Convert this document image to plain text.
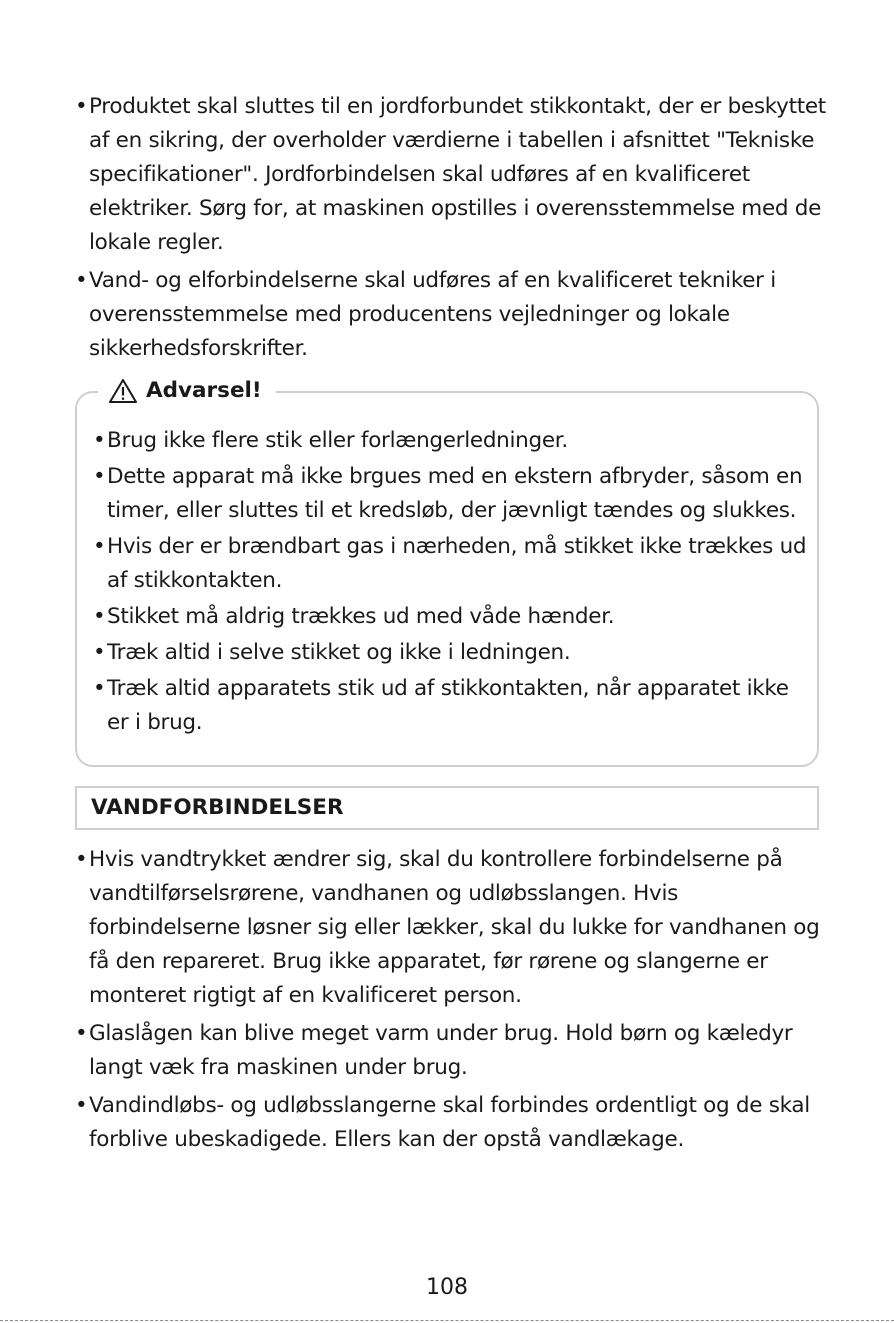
• Produktet skal sluttes til en jordforbundet stikkontakt, der er beskyttet af en sikring, der overholder værdierne i tabellen i afsnittet "Tekniske specifikationer". Jordforbindelsen skal udføres af en kvalificeret elektriker. Sørg for, at maskinen opstilles i overensstemmelse med de lokale regler.
• Vand- og elforbindelserne skal udføres af en kvalificeret tekniker i overensstemmelse med producentens vejledninger og lokale sikkerhedsforskrifter.
Advarsel!
• Brug ikke flere stik eller forlængerledninger.
• Dette apparat må ikke brgues med en ekstern afbryder, såsom en timer, eller sluttes til et kredsløb, der jævnligt tændes og slukkes.
• Hvis der er brændbart gas i nærheden, må stikket ikke trækkes ud af stikkontakten.
• Stikket må aldrig trækkes ud med våde hænder.
• Træk altid i selve stikket og ikke i ledningen.
• Træk altid apparatets stik ud af stikkontakten, når apparatet ikke er i brug.
VANDFORBINDELSER
• Hvis vandtrykket ændrer sig, skal du kontrollere forbindelserne på vandtilførselsrørene, vandhanen og udløbsslangen. Hvis forbindelserne løsner sig eller lækker, skal du lukke for vandhanen og få den repareret. Brug ikke apparatet, før rørene og slangerne er monteret rigtigt af en kvalificeret person.
• Glaslågen kan blive meget varm under brug. Hold børn og kæledyr langt væk fra maskinen under brug.
• Vandindløbs- og udløbsslangerne skal forbindes ordentligt og de skal forblive ubeskadigede. Ellers kan der opstå vandlækage.
108
